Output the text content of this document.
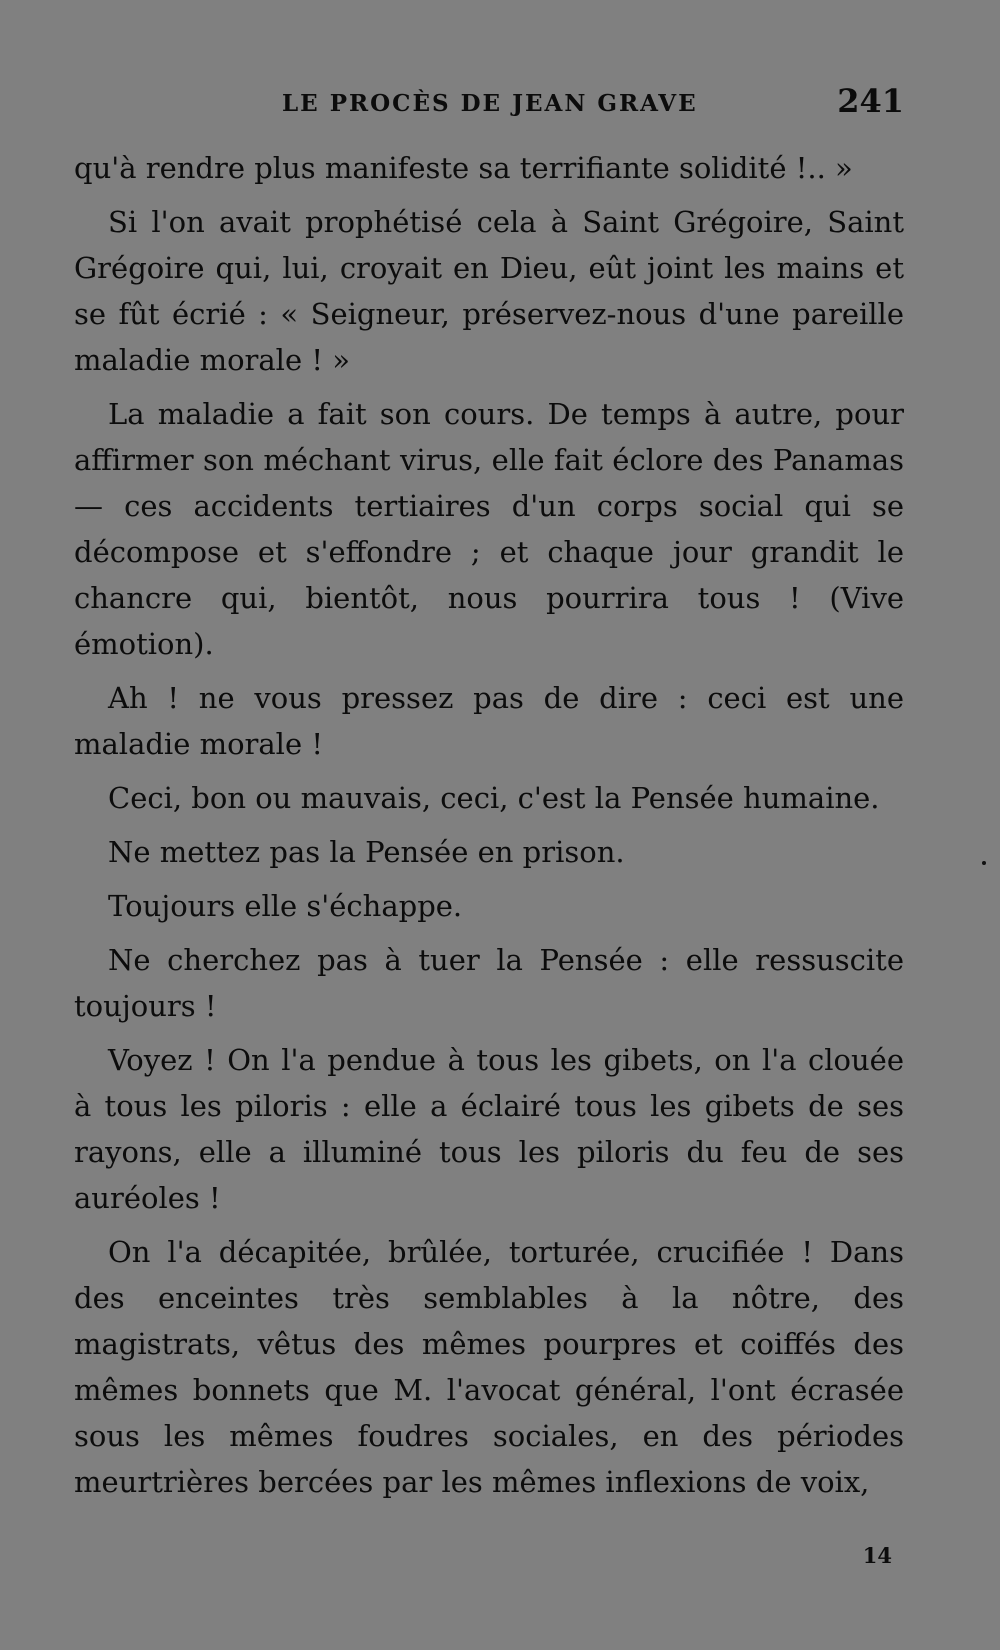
LE PROCÈS DE JEAN GRAVE	241

qu'à rendre plus manifeste sa terrifiante solidité !.. »

Si l'on avait prophétisé cela à Saint Grégoire, Saint Grégoire qui, lui, croyait en Dieu, eût joint les mains et se fût écrié : « Seigneur, préservez-nous d'une pareille maladie morale ! »

La maladie a fait son cours. De temps à autre, pour affirmer son méchant virus, elle fait éclore des Panamas — ces accidents tertiaires d'un corps social qui se décompose et s'effondre ; et chaque jour grandit le chancre qui, bientôt, nous pourrira tous ! (Vive émotion).

Ah ! ne vous pressez pas de dire : ceci est une maladie morale !

Ceci, bon ou mauvais, ceci, c'est la Pensée humaine.

Ne mettez pas la Pensée en prison.

Toujours elle s'échappe.

Ne cherchez pas à tuer la Pensée : elle ressuscite toujours !

Voyez ! On l'a pendue à tous les gibets, on l'a clouée à tous les piloris : elle a éclairé tous les gibets de ses rayons, elle a illuminé tous les piloris du feu de ses auréoles !

On l'a décapitée, brûlée, torturée, crucifiée ! Dans des enceintes très semblables à la nôtre, des magistrats, vêtus des mêmes pourpres et coiffés des mêmes bonnets que M. l'avocat général, l'ont écrasée sous les mêmes foudres sociales, en des périodes meurtrières bercées par les mêmes inflexions de voix,

14
